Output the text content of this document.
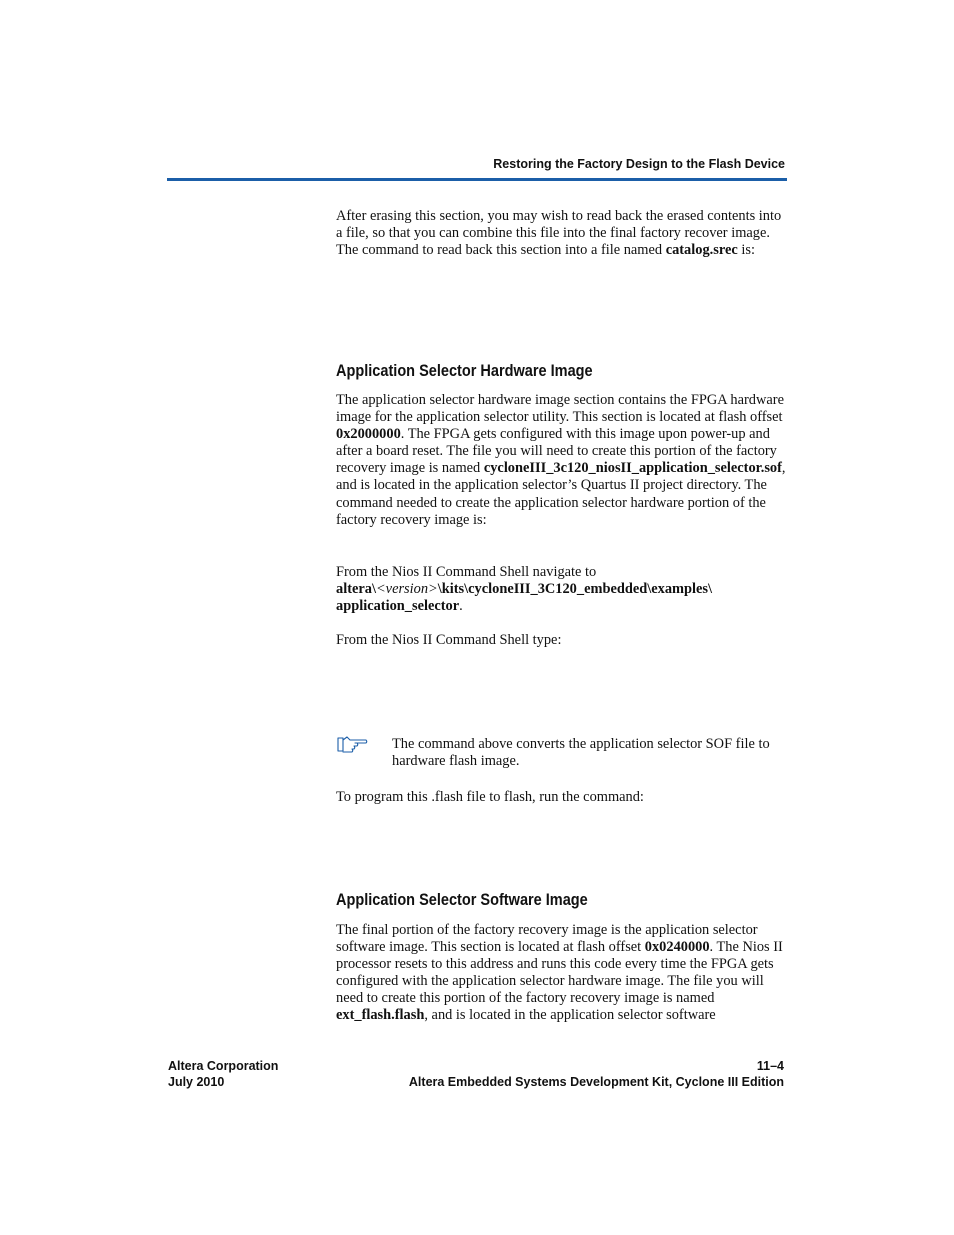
Restoring the Factory Design to the Flash Device

After erasing this section, you may wish to read back the erased contents into a file, so that you can combine this file into the final factory recover image. The command to read back this section into a file named catalog.srec is:

Application Selector Hardware Image

The application selector hardware image section contains the FPGA hardware image for the application selector utility. This section is located at flash offset 0x2000000. The FPGA gets configured with this image upon power-up and after a board reset. The file you will need to create this portion of the factory recovery image is named cycloneIII_3c120_niosII_application_selector.sof, and is located in the application selector’s Quartus II project directory. The command needed to create the application selector hardware portion of the factory recovery image is:

From the Nios II Command Shell navigate to
altera\<version>\kits\cycloneIII_3C120_embedded\examples\ application_selector.

From the Nios II Command Shell type:

The command above converts the application selector SOF file to hardware flash image.

To program this .flash file to flash, run the command:

Application Selector Software Image

The final portion of the factory recovery image is the application selector software image. This section is located at flash offset 0x0240000. The Nios II processor resets to this address and runs this code every time the FPGA gets configured with the application selector hardware image. The file you will need to create this portion of the factory recovery image is named ext_flash.flash, and is located in the application selector software

Altera Corporation
July 2010
11–4
Altera Embedded Systems Development Kit, Cyclone III Edition
